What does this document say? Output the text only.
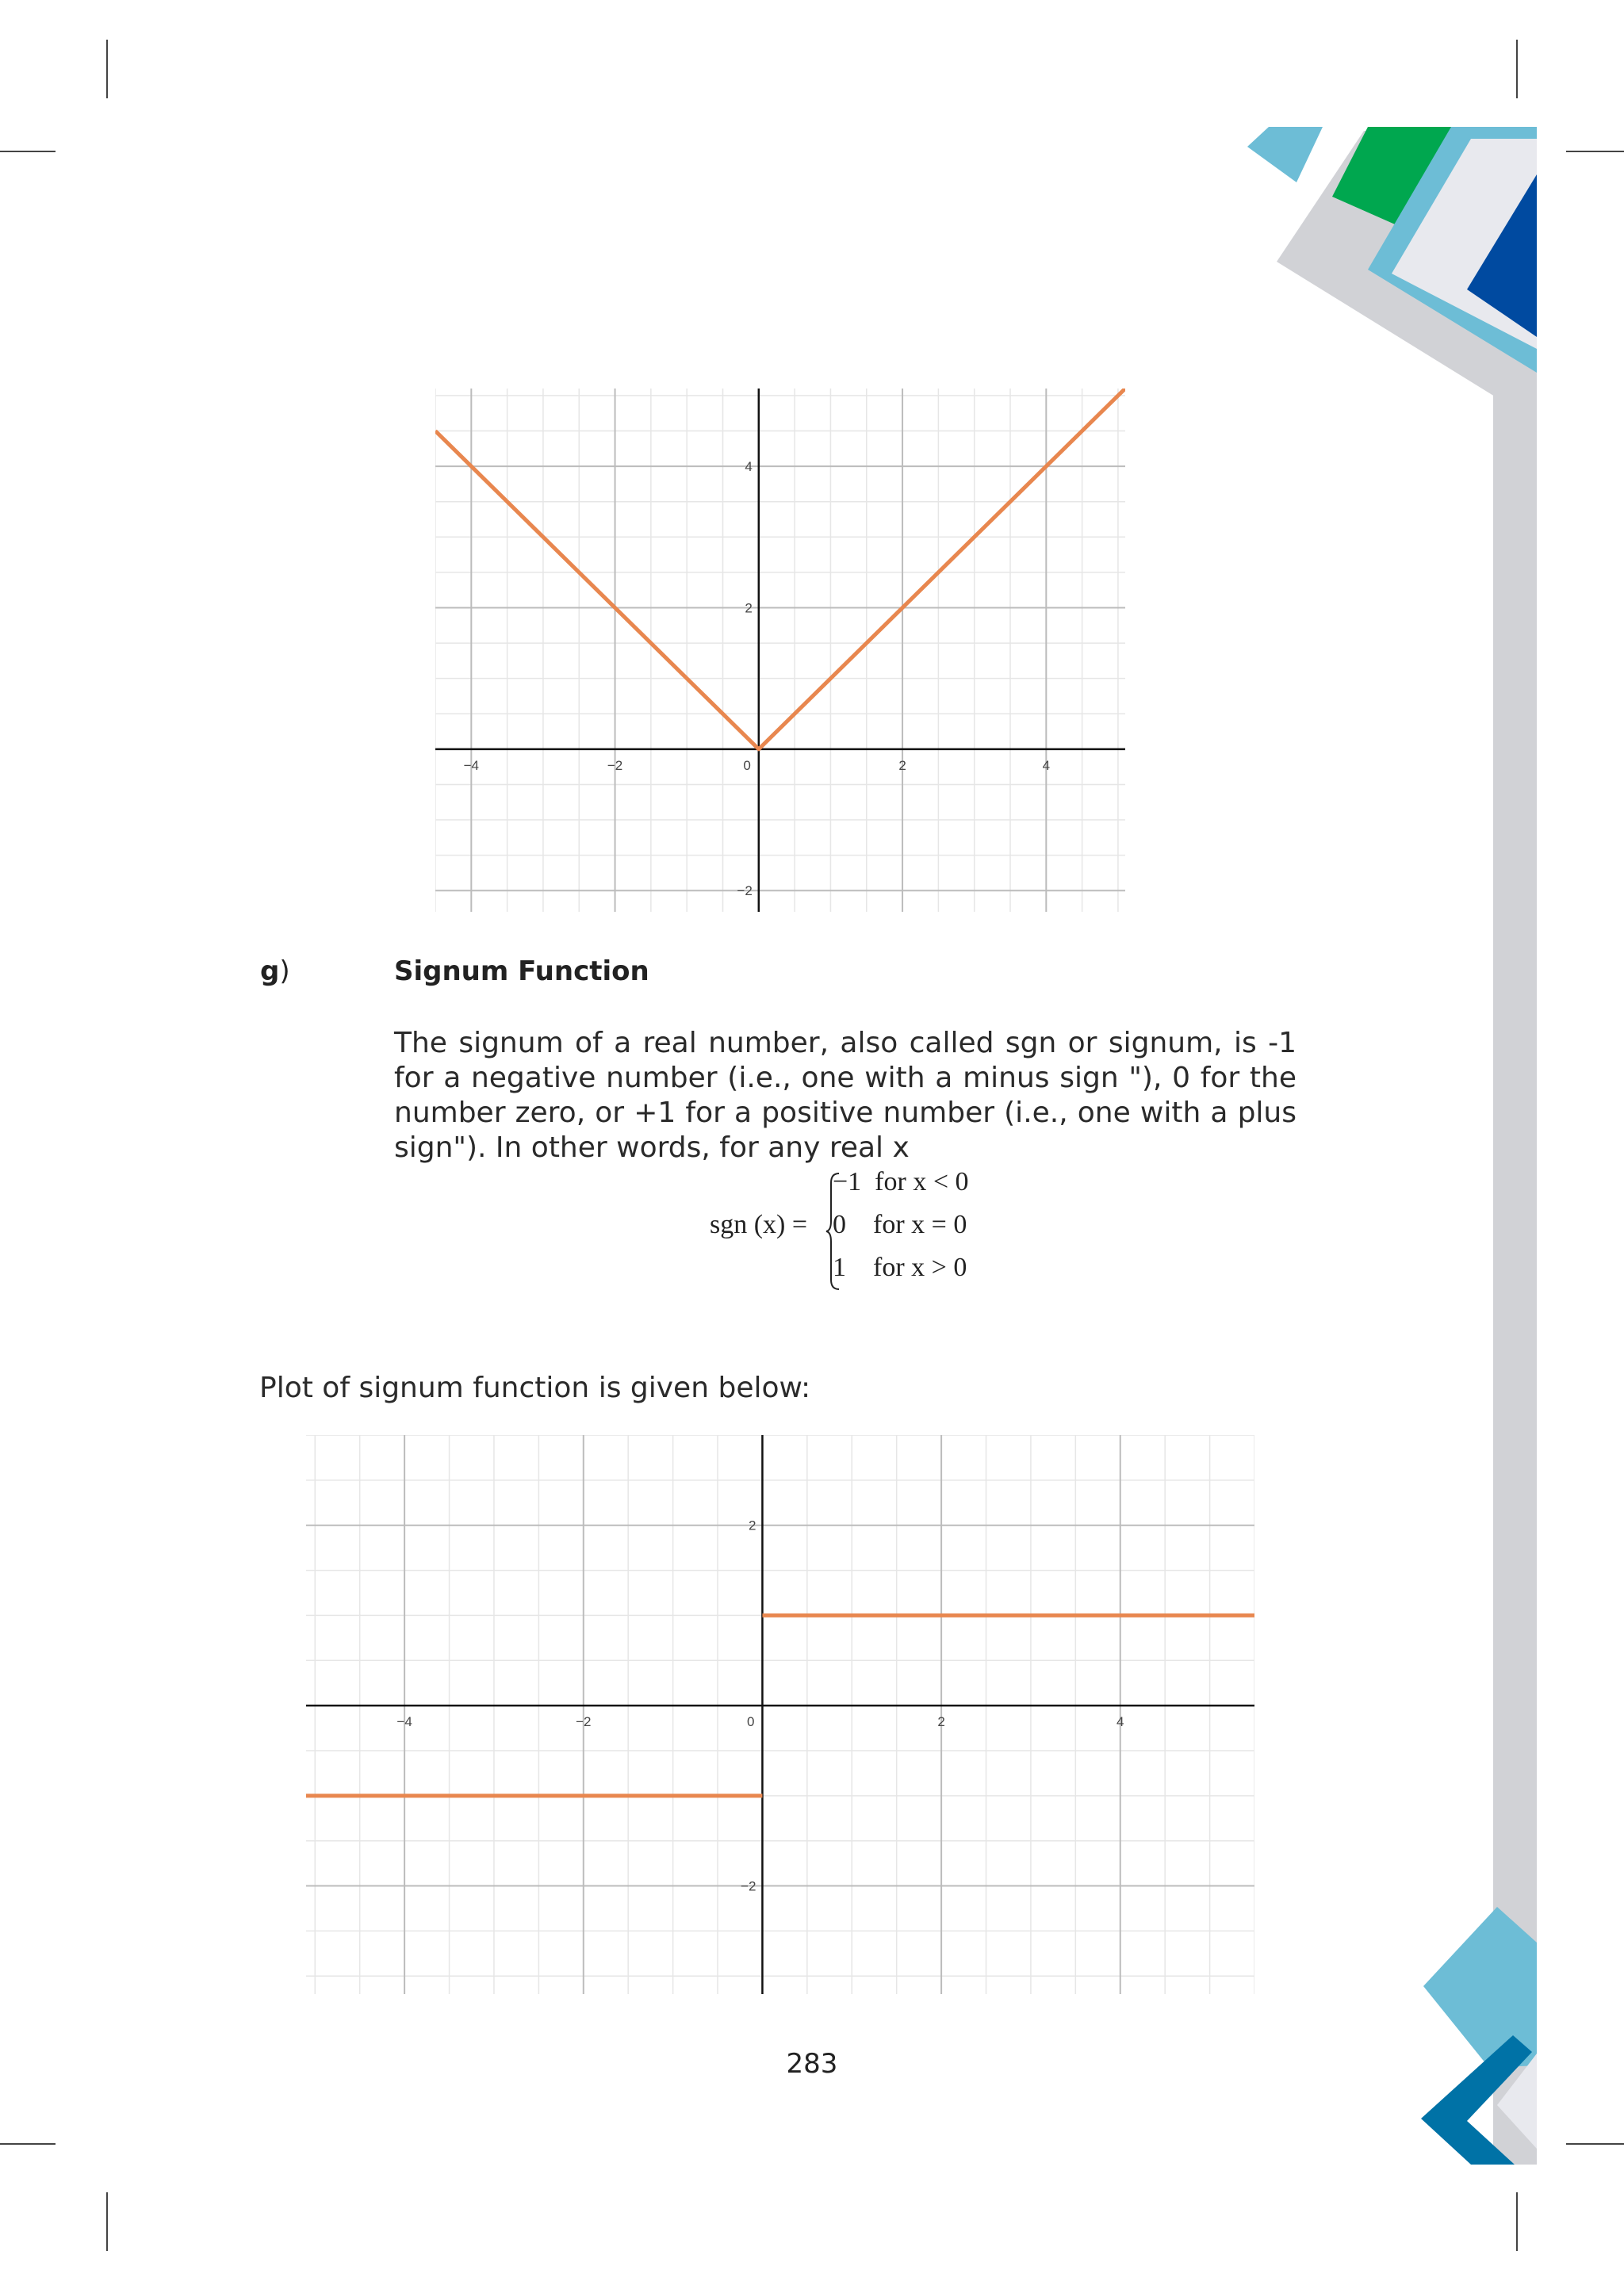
−4	−2	0	2	4
−2
2
4
g)	Signum Function

The signum of a real number, also called sgn or signum, is -1 for a negative number (i.e., one with a minus sign "), 0 for the number zero, or +1 for a positive number (i.e., one with a plus sign"). In other words, for any real x

sgn (x) =
−1  for x < 0
0    for x = 0
1    for x > 0
Plot of signum function is given below:
−4	−2	0	2	4
−2
2
283
